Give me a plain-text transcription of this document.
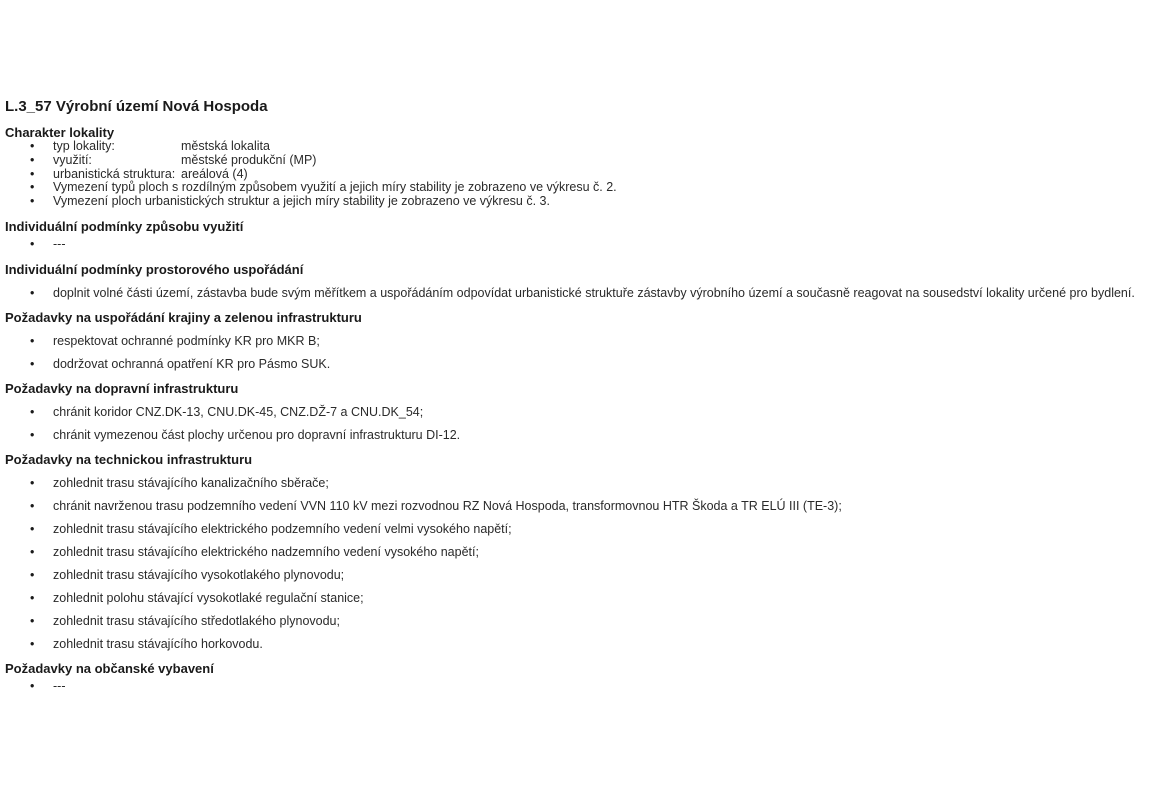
L.3_57 Výrobní území Nová Hospoda
Charakter lokality
• typ lokality:	městská lokalita
• využití:	městské produkční (MP)
• urbanistická struktura: areálová (4)
• Vymezení typů ploch s rozdílným způsobem využití a jejich míry stability je zobrazeno ve výkresu č. 2.
• Vymezení ploch urbanistických struktur a jejich míry stability je zobrazeno ve výkresu č. 3.
Individuální podmínky způsobu využití
• ---
Individuální podmínky prostorového uspořádání
• doplnit volné části území, zástavba bude svým měřítkem a uspořádáním odpovídat urbanistické struktuře zástavby výrobního území a současně reagovat na sousedství lokality určené pro bydlení.
Požadavky na uspořádání krajiny a zelenou infrastrukturu
• respektovat ochranné podmínky KR pro MKR B;
• dodržovat ochranná opatření KR pro Pásmo SUK.
Požadavky na dopravní infrastrukturu
• chránit koridor CNZ.DK-13, CNU.DK-45, CNZ.DŽ-7 a CNU.DK_54;
• chránit vymezenou část plochy určenou pro dopravní infrastrukturu DI-12.
Požadavky na technickou infrastrukturu
• zohlednit trasu stávajícího kanalizačního sběrače;
• chránit navrženou trasu podzemního vedení VVN 110 kV mezi rozvodnou RZ Nová Hospoda, transformovnou HTR Škoda a TR ELÚ III (TE-3);
• zohlednit trasu stávajícího elektrického podzemního vedení velmi vysokého napětí;
• zohlednit trasu stávajícího elektrického nadzemního vedení vysokého napětí;
• zohlednit trasu stávajícího vysokotlakého plynovodu;
• zohlednit polohu stávající vysokotlaké regulační stanice;
• zohlednit trasu stávajícího středotlakého plynovodu;
• zohlednit trasu stávajícího horkovodu.
Požadavky na občanské vybavení
• ---
